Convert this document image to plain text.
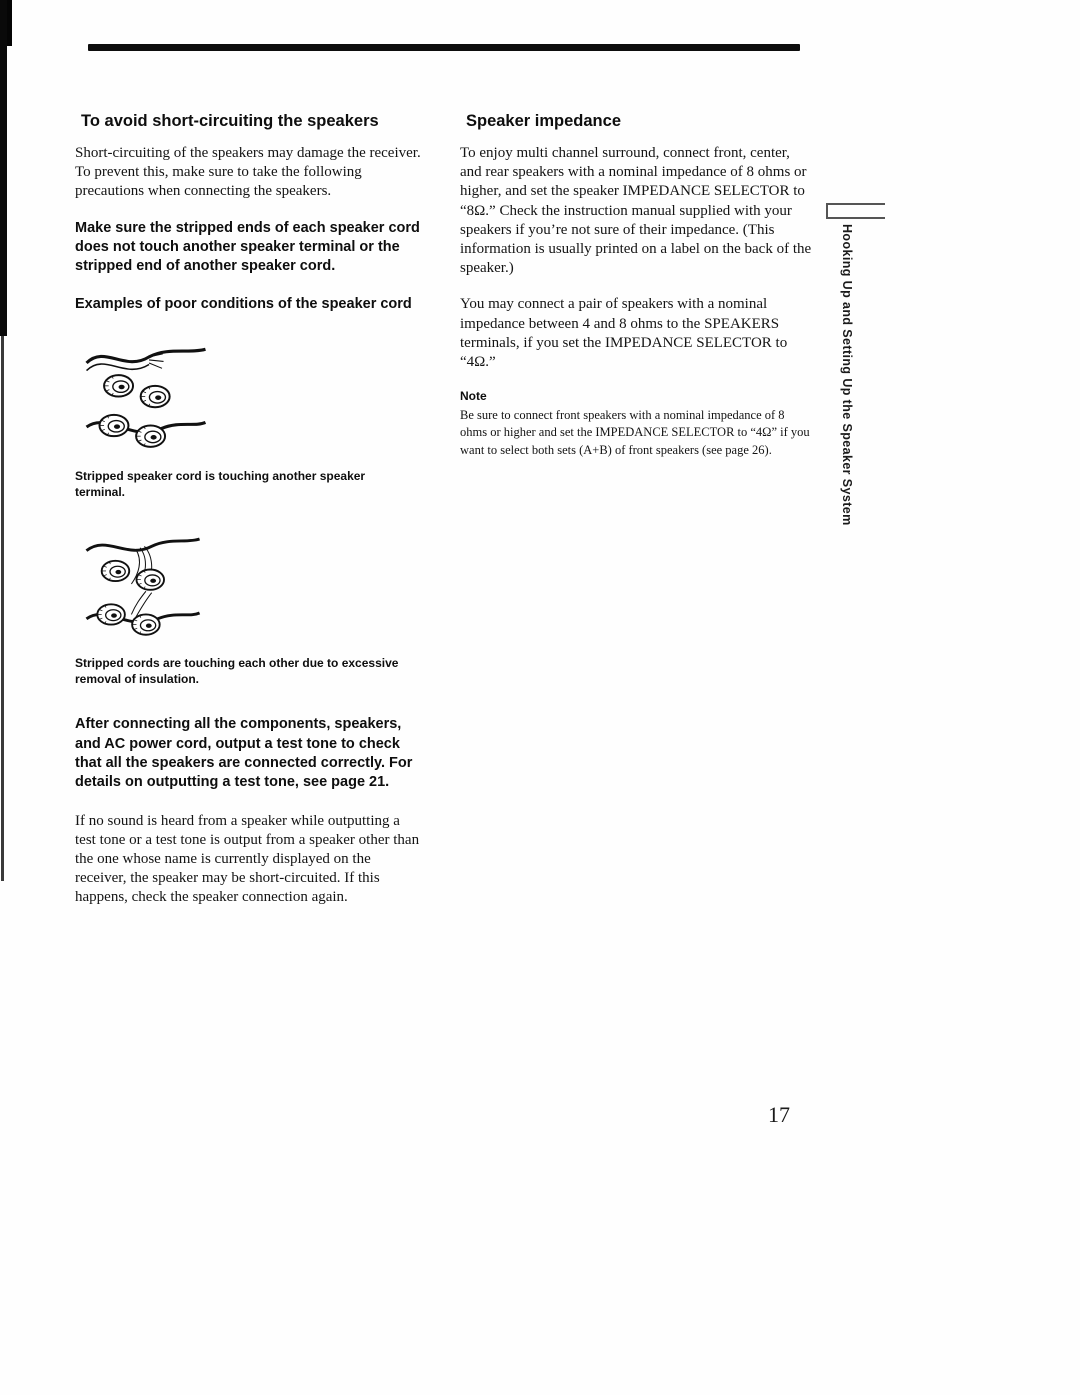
To avoid short-circuiting the speakers

Short-circuiting of the speakers may damage the receiver. To prevent this, make sure to take the following precautions when connecting the speakers.

Make sure the stripped ends of each speaker cord does not touch another speaker terminal or the stripped end of another speaker cord.

Examples of poor conditions of the speaker cord

Stripped speaker cord is touching another speaker terminal.

Stripped cords are touching each other due to excessive removal of insulation.

After connecting all the components, speakers, and AC power cord, output a test tone to check that all the speakers are connected correctly. For details on outputting a test tone, see page 21.

If no sound is heard from a speaker while outputting a test tone or a test tone is output from a speaker other than the one whose name is currently displayed on the receiver, the speaker may be short-circuited. If this happens, check the speaker connection again.

Speaker impedance

To enjoy multi channel surround, connect front, center, and rear speakers with a nominal impedance of 8 ohms or higher, and set the speaker IMPEDANCE SELECTOR to “8Ω.” Check the instruction manual supplied with your speakers if you’re not sure of their impedance. (This information is usually printed on a label on the back of the speaker.)

You may connect a pair of speakers with a nominal impedance between 4 and 8 ohms to the SPEAKERS terminals, if you set the IMPEDANCE SELECTOR to “4Ω.”

Note

Be sure to connect front speakers with a nominal impedance of 8 ohms or higher and set the IMPEDANCE SELECTOR to “4Ω” if you want to select both sets (A+B) of front speakers (see page 26).	Hooking Up and Setting Up the Speaker System
17
